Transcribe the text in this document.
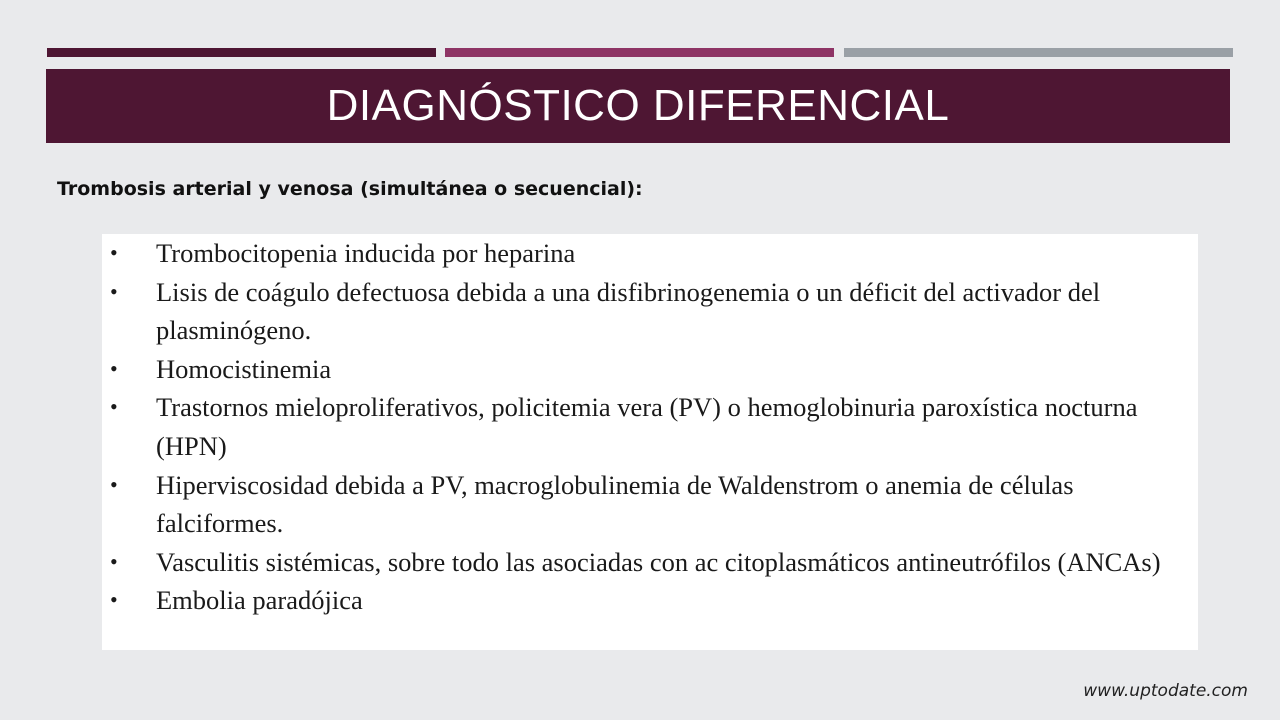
DIAGNÓSTICO DIFERENCIAL
Trombosis arterial y venosa (simultánea o secuencial):
• Trombocitopenia inducida por heparina
• Lisis de coágulo defectuosa debida a una disfibrinogenemia o un déficit del activador del plasminógeno.
• Homocistinemia
• Trastornos mieloproliferativos, policitemia vera (PV) o hemoglobinuria paroxística nocturna (HPN)
• Hiperviscosidad debida a PV, macroglobulinemia de Waldenstrom o anemia de células falciformes.
• Vasculitis sistémicas, sobre todo las asociadas con ac citoplasmáticos antineutrófilos (ANCAs)
• Embolia paradójica
www.uptodate.com
